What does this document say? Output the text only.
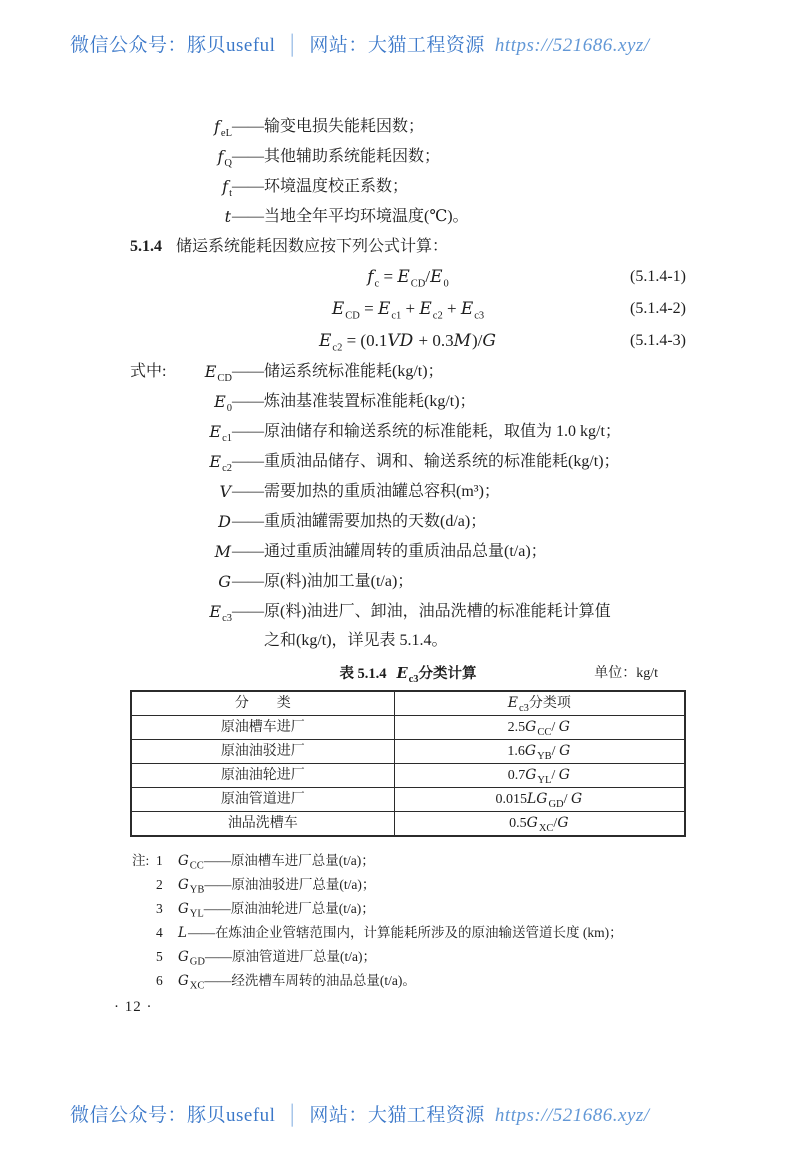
微信公众号：豚贝useful │ 网站：大猫工程资源 https://521686.xyz/
$f_{eL}$ —— 输变电损失能耗因数；
$f_Q$ —— 其他辅助系统能耗因数；
$f_t$ —— 环境温度校正系数；
t —— 当地全年平均环境温度(℃)。

5.1.4 储运系统能耗因数应按下列公式计算：

$f_c = E_{CD}/E_0$	(5.1.4-1)
$E_{CD} = E_{c1} + E_{c2} + E_{c3}$	(5.1.4-2)
$E_{c2} = (0.1VD + 0.3M)/G$	(5.1.4-3)
式中:	$E_{CD}$ —— 储运系统标准能耗(kg/t)；
$E_0$ —— 炼油基准装置标准能耗(kg/t)；
$E_{c1}$ —— 原油储存和输送系统的标准能耗，取值为 1.0 kg/t；
$E_{c2}$ —— 重质油品储存、调和、输送系统的标准能耗(kg/t)；
V —— 需要加热的重质油罐总容积(m³)；
D —— 重质油罐需要加热的天数(d/a)；
M —— 通过重质油罐周转的重质油品总量(t/a)；
G —— 原(料)油加工量(t/a)；
$E_{c3}$ —— 原(料)油进厂、卸油，油品洗槽的标准能耗计算值
之和(kg/t)，详见表 5.1.4。
表 5.1.4 $E_{c3}$分类计算	单位：kg/t
分　　类	$E_{c3}$分类项
原油槽车进厂	$2.5G_{CC}/$ G
原油油驳进厂	$1.6G_{YB}/$ G
原油油轮进厂	$0.7G_{YL}/$ G
原油管道进厂	$0.015LG_{GD}/$ G
油品洗槽车	$0.5G_{XC}/G$
注: 1	$G_{CC}——$原油槽车进厂总量(t/a)；
2	$G_{YB}——$原油油驳进厂总量(t/a)；
3	$G_{YL}——$原油油轮进厂总量(t/a)；
4	L——在炼油企业管辖范围内，计算能耗所涉及的原油输送管道长度 (km)；
5	$G_{GD}——$原油管道进厂总量(t/a)；
6	$G_{XC}——$经洗槽车周转的油品总量(t/a)。
· 12 ·
微信公众号：豚贝useful │ 网站：大猫工程资源 https://521686.xyz/
